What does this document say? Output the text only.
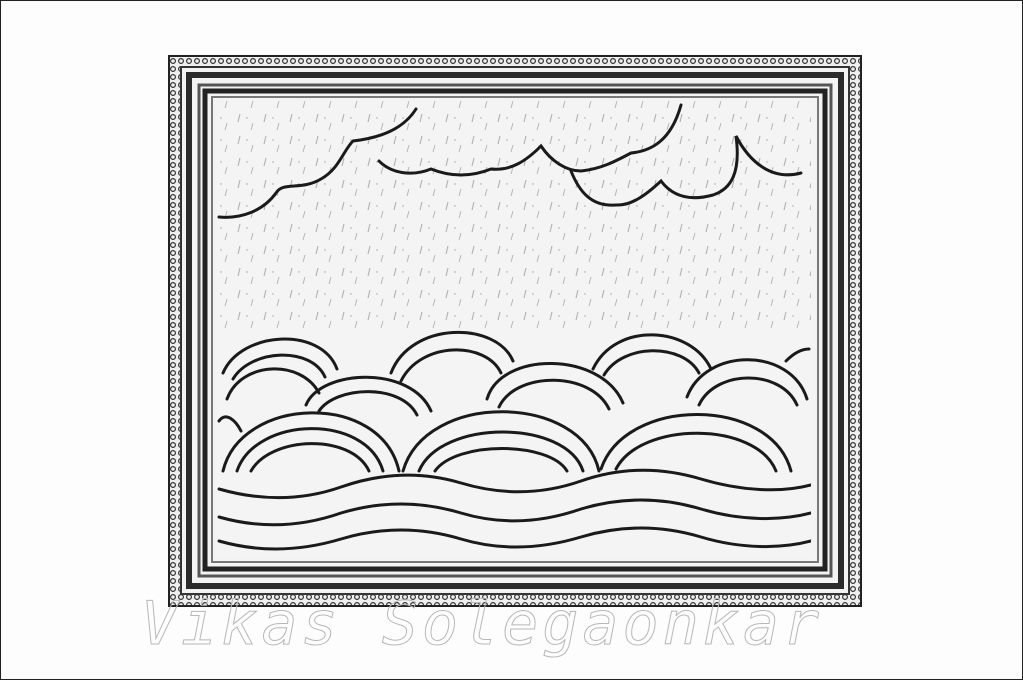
Vikas Solegaonkar
